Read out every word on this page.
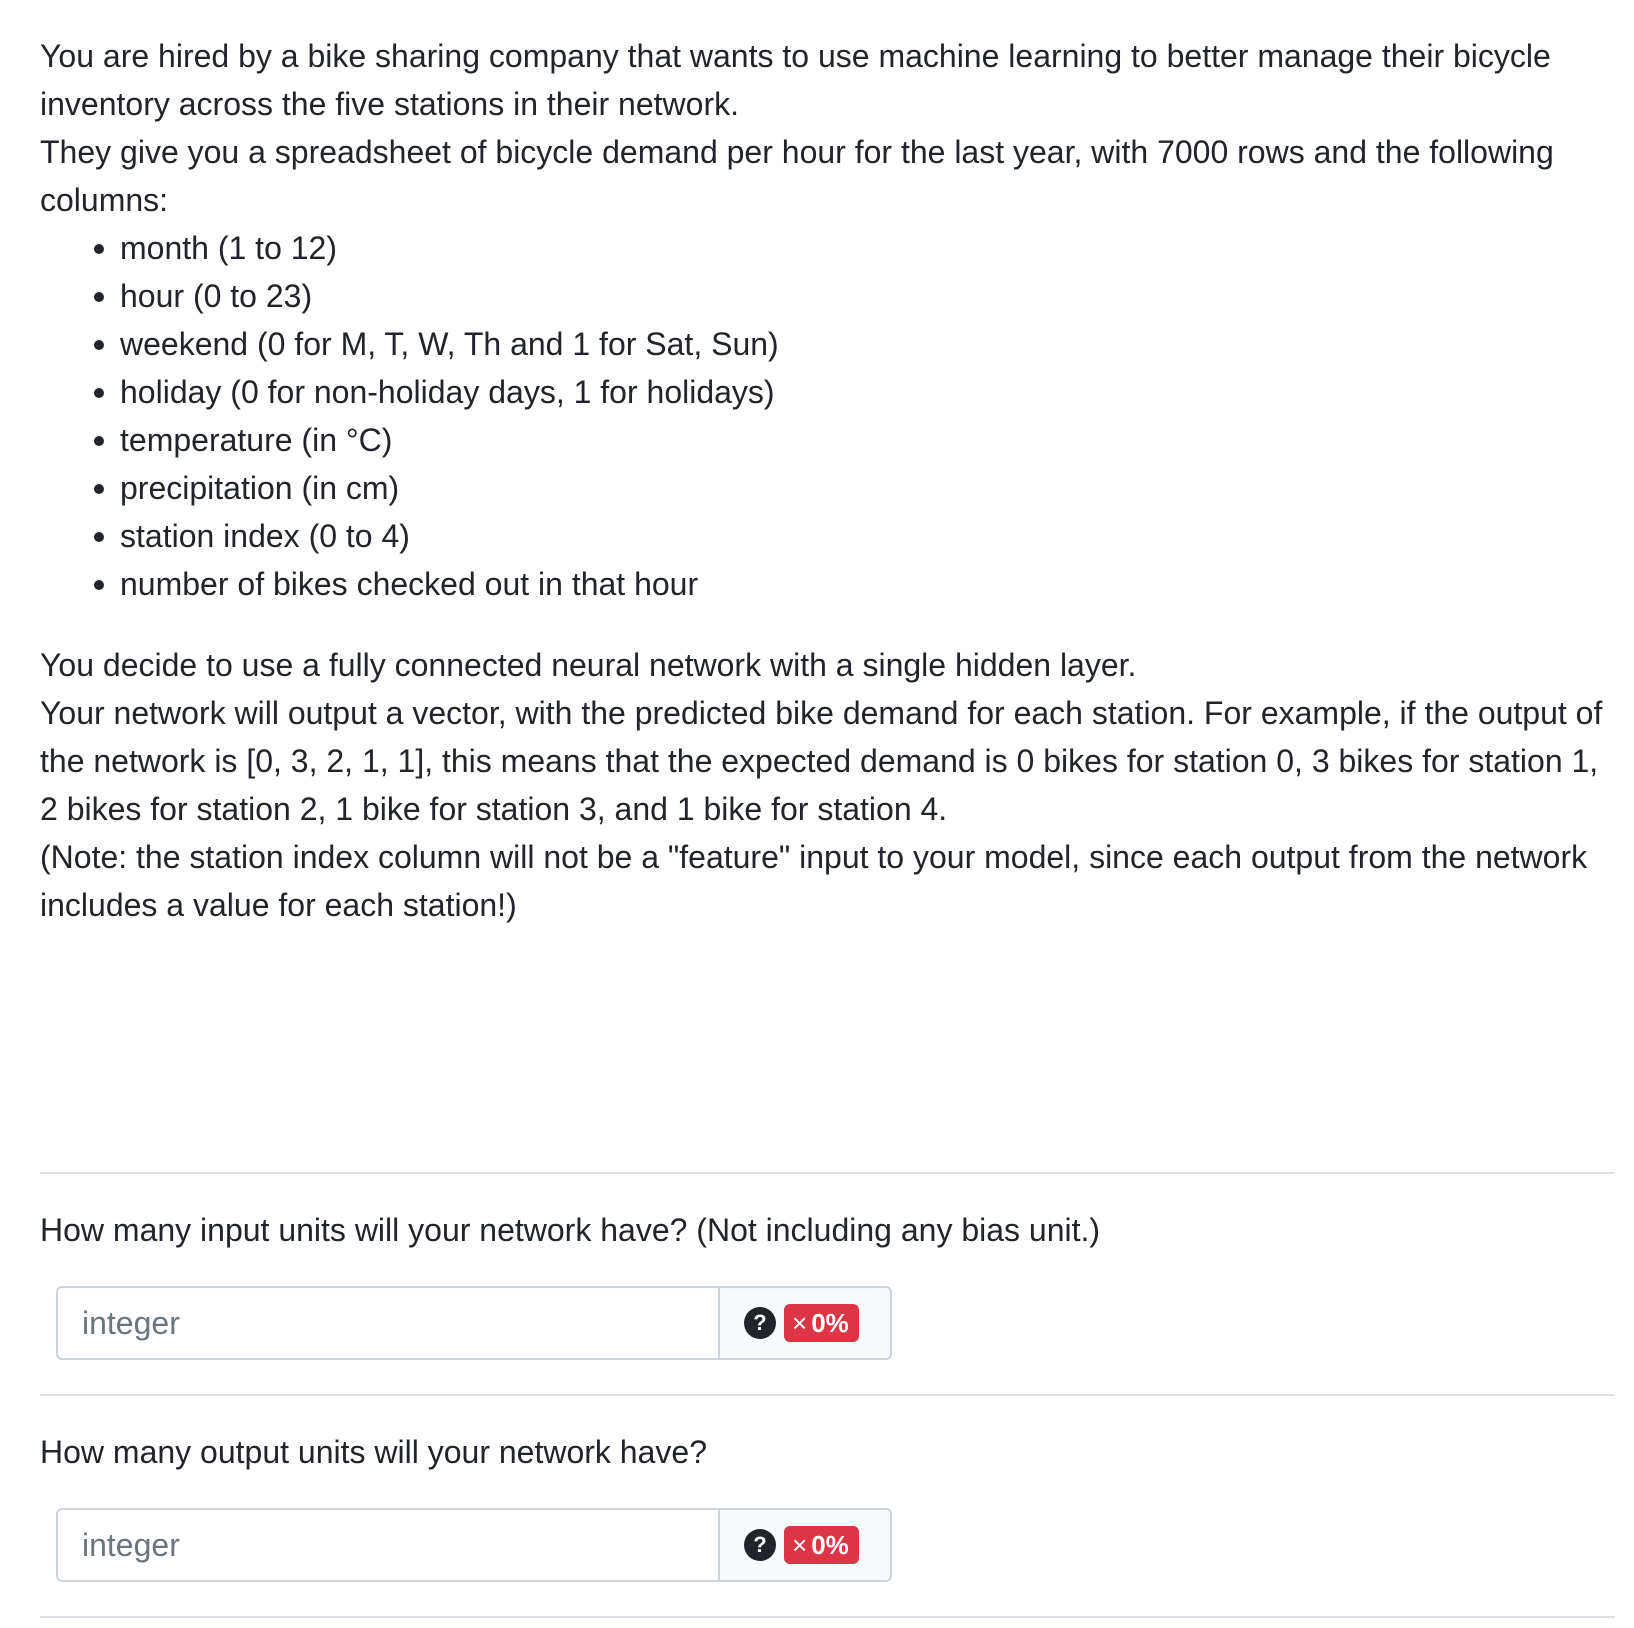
You are hired by a bike sharing company that wants to use machine learning to better manage their bicycle inventory across the five stations in their network.

They give you a spreadsheet of bicycle demand per hour for the last year, with 7000 rows and the following columns:

month (1 to 12)
hour (0 to 23)
weekend (0 for M, T, W, Th and 1 for Sat, Sun)
holiday (0 for non-holiday days, 1 for holidays)
temperature (in °C)
precipitation (in cm)
station index (0 to 4)
number of bikes checked out in that hour

You decide to use a fully connected neural network with a single hidden layer.

Your network will output a vector, with the predicted bike demand for each station. For example, if the output of the network is [0, 3, 2, 1, 1], this means that the expected demand is 0 bikes for station 0, 3 bikes for station 1, 2 bikes for station 2, 1 bike for station 3, and 1 bike for station 4.

(Note: the station index column will not be a "feature" input to your model, since each output from the network includes a value for each station!)

How many input units will your network have? (Not including any bias unit.)

integer
? × 0%

How many output units will your network have?

integer
? × 0%
